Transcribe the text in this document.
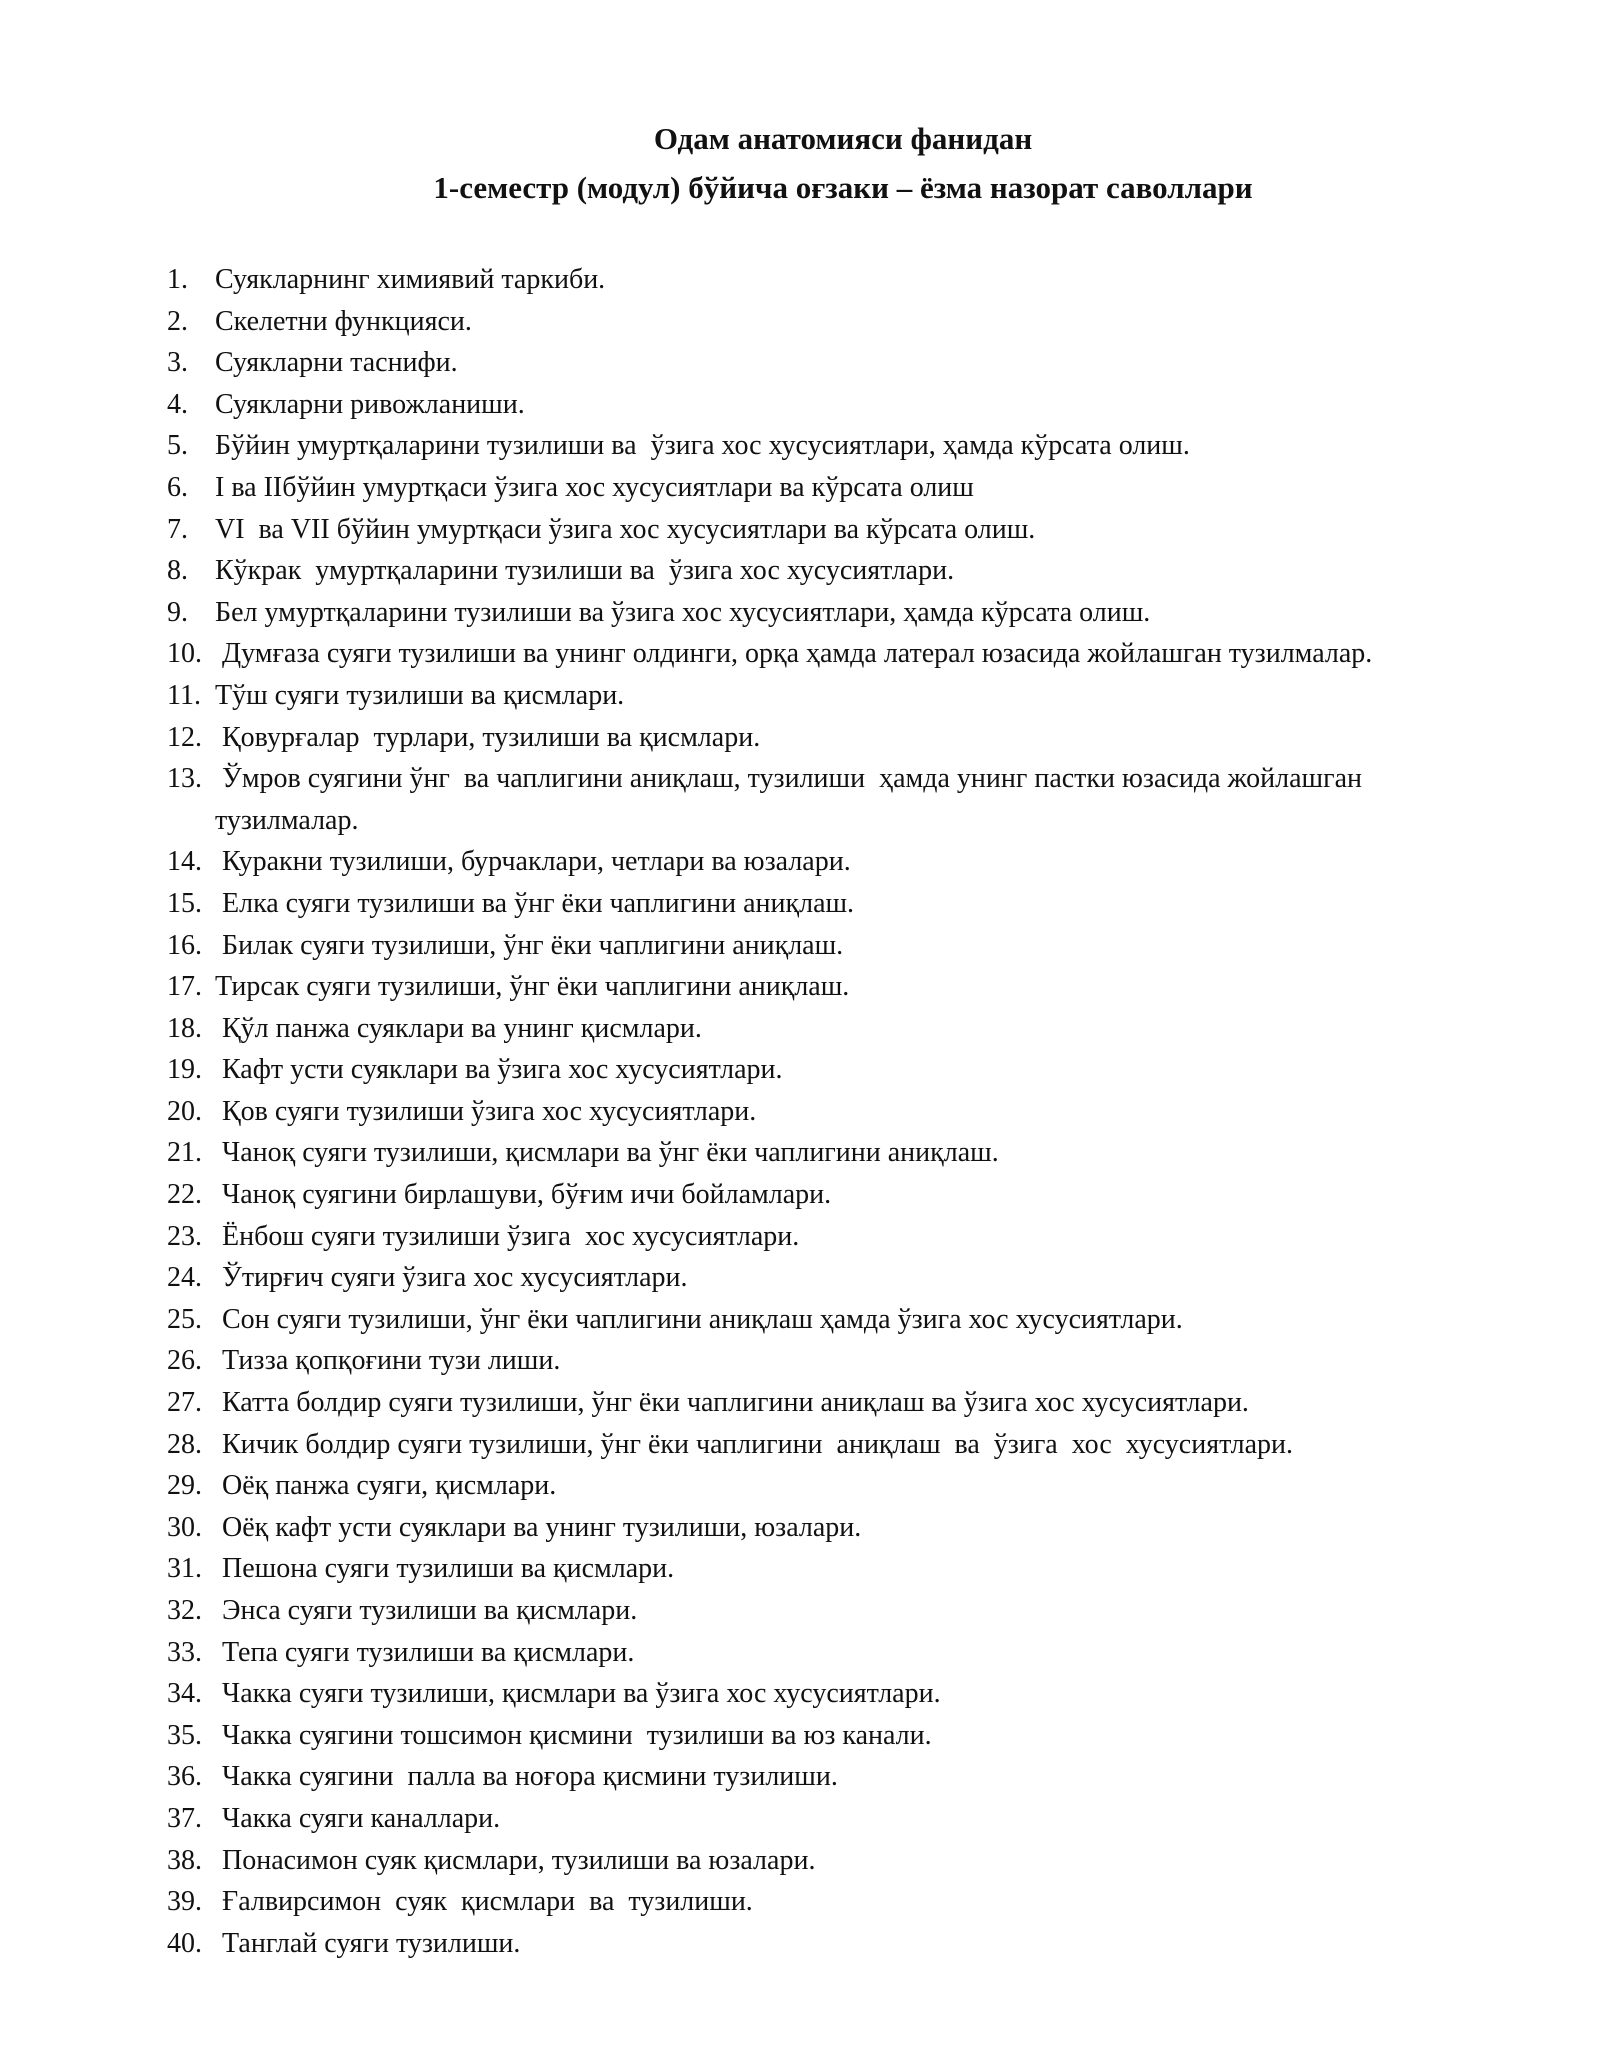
Одам анатомияси фанидан
1-семестр (модул) бўйича оғзаки – ёзма назорат саволлари
1. Суякларнинг химиявий таркиби.
2. Скелетни функцияси.
3. Суякларни таснифи.
4. Суякларни ривожланиши.
5. Бўйин умуртқаларини тузилиши ва  ўзига хос хусусиятлари, ҳамда кўрсата олиш.
6. I ва IIбўйин умуртқаси ўзига хос хусусиятлари ва кўрсата олиш
7. VI  ва VII бўйин умуртқаси ўзига хос хусусиятлари ва кўрсата олиш.
8. Кўкрак  умуртқаларини тузилиши ва  ўзига хос хусусиятлари.
9. Бел умуртқаларини тузилиши ва ўзига хос хусусиятлари, ҳамда кўрсата олиш.
10. Думғаза суяги тузилиши ва унинг олдинги, орқа ҳамда латерал юзасида жойлашган тузилмалар.
11. Тўш суяги тузилиши ва қисмлари.
12. Қовурғалар  турлари, тузилиши ва қисмлари.
13. Ўмров суягини ўнг  ва чаплигини аниқлаш, тузилиши  ҳамда унинг пастки юзасида жойлашган тузилмалар.
14. Куракни тузилиши, бурчаклари, четлари ва юзалари.
15. Елка суяги тузилиши ва ўнг ёки чаплигини аниқлаш.
16. Билак суяги тузилиши, ўнг ёки чаплигини аниқлаш.
17. Тирсак суяги тузилиши, ўнг ёки чаплигини аниқлаш.
18. Қўл панжа суяклари ва унинг қисмлари.
19. Кафт усти суяклари ва ўзига хос хусусиятлари.
20. Қов суяги тузилиши ўзига хос хусусиятлари.
21. Чаноқ суяги тузилиши, қисмлари ва ўнг ёки чаплигини аниқлаш.
22. Чаноқ суягини бирлашуви, бўғим ичи бойламлари.
23. Ёнбош суяги тузилиши ўзига  хос хусусиятлари.
24. Ўтирғич суяги ўзига хос хусусиятлари.
25. Сон суяги тузилиши, ўнг ёки чаплигини аниқлаш ҳамда ўзига хос хусусиятлари.
26. Тизза қопқоғини тузи лиши.
27. Катта болдир суяги тузилиши, ўнг ёки чаплигини аниқлаш ва ўзига хос хусусиятлари.
28. Кичик болдир суяги тузилиши, ўнг ёки чаплигини  аниқлаш  ва  ўзига  хос  хусусиятлари.
29. Оёқ панжа суяги, қисмлари.
30. Оёқ кафт усти суяклари ва унинг тузилиши, юзалари.
31. Пешона суяги тузилиши ва қисмлари.
32. Энса суяги тузилиши ва қисмлари.
33. Тепа суяги тузилиши ва қисмлари.
34. Чакка суяги тузилиши, қисмлари ва ўзига хос хусусиятлари.
35. Чакка суягини тошсимон қисмини  тузилиши ва юз канали.
36. Чакка суягини  палла ва ноғора қисмини тузилиши.
37. Чакка суяги каналлари.
38. Понасимон суяк қисмлари, тузилиши ва юзалари.
39. Ғалвирсимон  суяк  қисмлари  ва  тузилиши.
40. Танглай суяги тузилиши.
